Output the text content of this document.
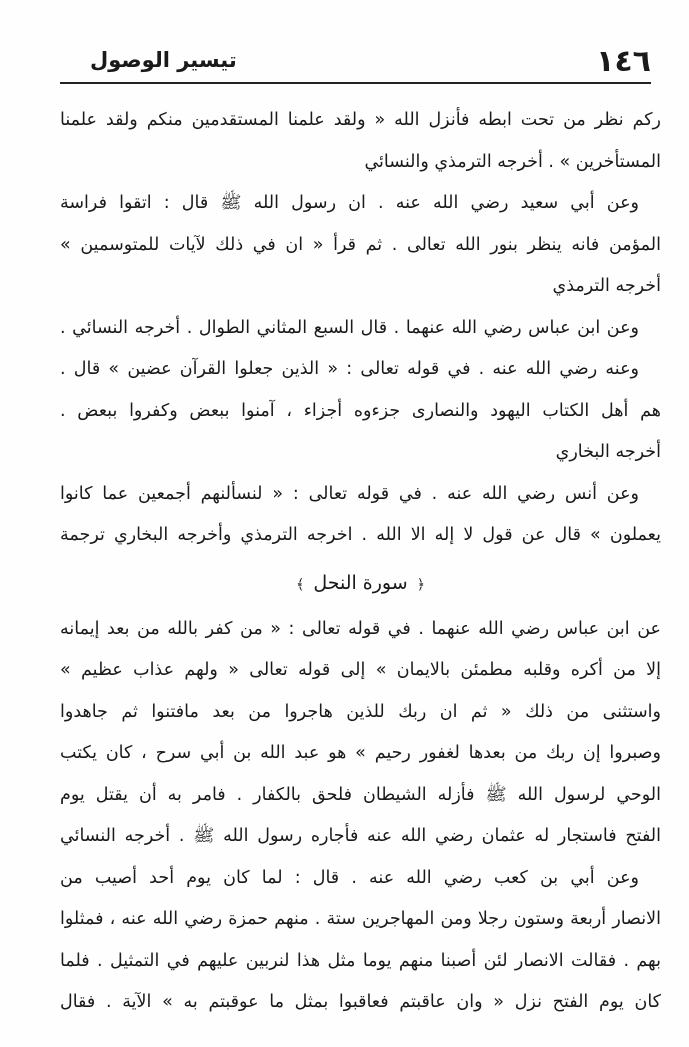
١٤٦
تيسير الوصول
ركم نظر من تحت ابطه فأنزل الله « ولقد علمنا المستقدمين منكم ولقد علمنا
المستأخرين » . أخرجه الترمذي والنسائي
وعن أبي سعيد رضي الله عنه . ان رسول الله ﷺ قال : اتقوا فراسة
المؤمن فانه ينظر بنور الله تعالى . ثم قرأ « ان في ذلك لآيات للمتوسمين »
أخرجه الترمذي
وعن ابن عباس رضي الله عنهما . قال السبع المثاني الطوال . أخرجه النسائي .
وعنه رضي الله عنه . في قوله تعالى : « الذين جعلوا القرآن عضين » قال .
هم أهل الكتاب اليهود والنصارى جزءوه أجزاء ، آمنوا ببعض وكفروا ببعض .
أخرجه البخاري
وعن أنس رضي الله عنه . في قوله تعالى : « لنسألنهم أجمعين عما كانوا
يعملون » قال عن قول لا إله الا الله . اخرجه الترمذي وأخرجه البخاري ترجمة
﴿ سورة النحل ﴾
عن ابن عباس رضي الله عنهما . في قوله تعالى : « من كفر بالله من بعد إيمانه
إلا من أكره وقلبه مطمئن بالايمان » إلى قوله تعالى « ولهم عذاب عظيم »
واستثنى من ذلك « ثم ان ربك للذين هاجروا من بعد مافتنوا ثم جاهدوا
وصبروا إن ربك من بعدها لغفور رحيم » هو عبد الله بن أبي سرح ، كان يكتب
الوحي لرسول الله ﷺ فأزله الشيطان فلحق بالكفار . فامر به أن يقتل يوم
الفتح فاستجار له عثمان رضي الله عنه فأجاره رسول الله ﷺ . أخرجه النسائي
وعن أبي بن كعب رضي الله عنه . قال : لما كان يوم أحد أصيب من
الانصار أربعة وستون رجلا ومن المهاجرين ستة . منهم حمزة رضي الله عنه ، فمثلوا
بهم . فقالت الانصار لئن أصبنا منهم يوما مثل هذا لنربين عليهم في التمثيل . فلما
كان يوم الفتح نزل « وان عاقبتم فعاقبوا بمثل ما عوقبتم به » الآية . فقال
